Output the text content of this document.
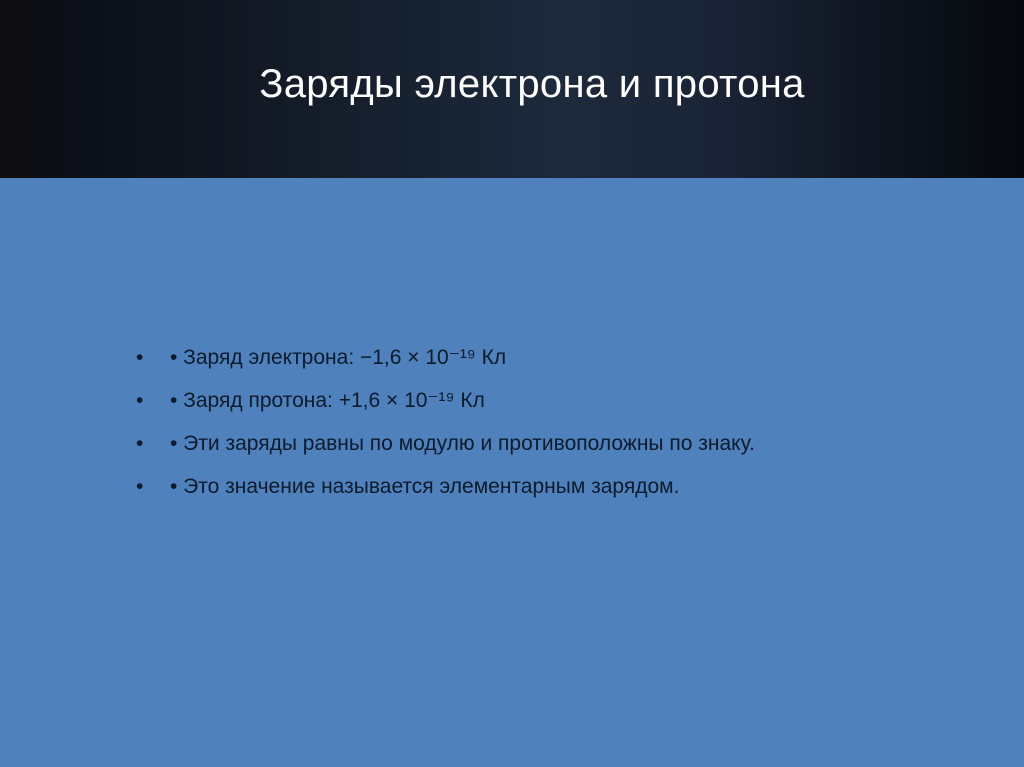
Заряды электрона и протона
•	• Заряд электрона: −1,6 × 10⁻¹⁹ Кл
•	• Заряд протона: +1,6 × 10⁻¹⁹ Кл
•	• Эти заряды равны по модулю и противоположны по знаку.
•	• Это значение называется элементарным зарядом.
